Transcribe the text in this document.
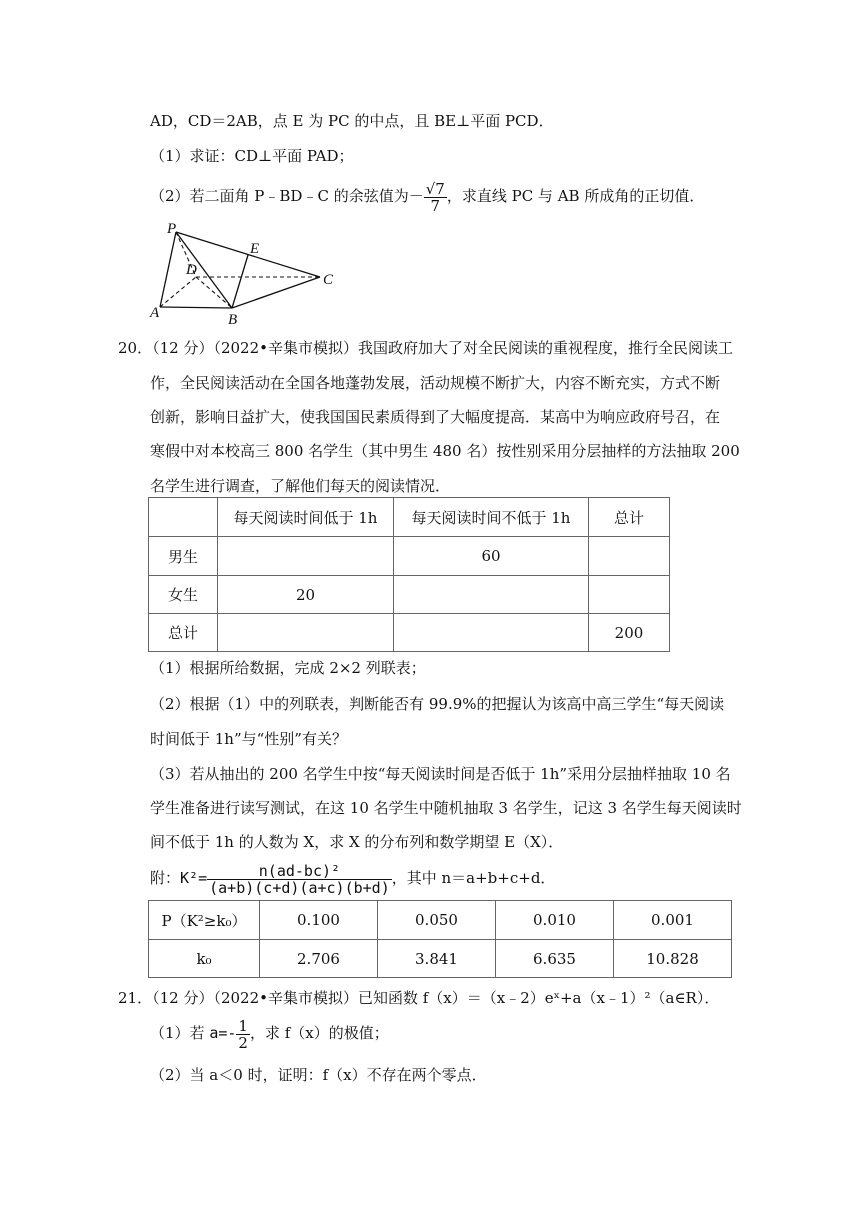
AD，CD＝2AB，点 E 为 PC 的中点，且 BE⊥平面 PCD．
（1）求证：CD⊥平面 PAD；
（2）若二面角 P﹣BD﹣C 的余弦值为－ $\frac{√7}{7}$ ，求直线 PC 与 AB 所成角的正切值．
P
E
D
C
A	B
20．（12 分）（2022•辛集市模拟）我国政府加大了对全民阅读的重视程度，推行全民阅读工
作，全民阅读活动在全国各地蓬勃发展，活动规模不断扩大，内容不断充实，方式不断
创新，影响日益扩大，使我国国民素质得到了大幅度提高．某高中为响应政府号召，在
寒假中对本校高三 800 名学生（其中男生 480 名）按性别采用分层抽样的方法抽取 200
名学生进行调查，了解他们每天的阅读情况．
	每天阅读时间低于 1h	每天阅读时间不低于 1h	总计
男生		60	
女生	20		
总计			200
（1）根据所给数据，完成 2×2 列联表；
（2）根据（1）中的列联表，判断能否有 99.9%的把握认为该高中高三学生“每天阅读
时间低于 1h”与“性别”有关？
（3）若从抽出的 200 名学生中按“每天阅读时间是否低于 1h”采用分层抽样抽取 10 名
学生准备进行读写测试，在这 10 名学生中随机抽取 3 名学生，记这 3 名学生每天阅读时
间不低于 1h 的人数为 X，求 X 的分布列和数学期望 E（X）．
附：$K^2= \frac{\text{n(ad-bc)²}}{(a+b)(c+d)(a+c)(b+d)}$ ，其中 n＝a+b+c+d．
P（K²≥k₀）	0.100	0.050	0.010	0.001
k₀	2.706	3.841	6.635	10.828
21．（12 分）（2022•辛集市模拟）已知函数 f（x）＝（x﹣2）eˣ+a（x﹣1）²（a∈R）．
（1）若 $a=- \frac{1}{2}$ ，求 f（x）的极值；
（2）当 a＜0 时，证明：f（x）不存在两个零点．
